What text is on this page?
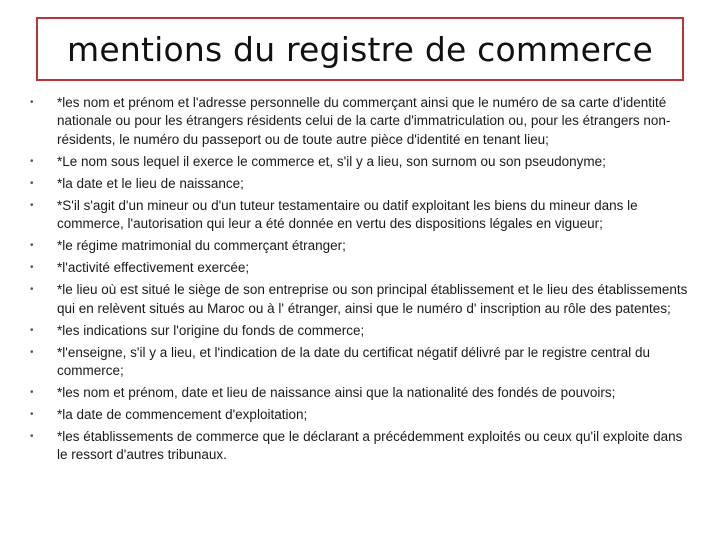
mentions du registre de commerce
• *les nom et prénom et l'adresse personnelle du commerçant ainsi que le numéro de sa carte d'identité nationale ou pour les étrangers résidents celui de la carte d'immatriculation ou, pour les étrangers non-résidents, le numéro du passeport ou de toute autre pièce d'identité en tenant lieu;
• *Le nom sous lequel il exerce le commerce et, s'il y a lieu, son surnom ou son pseudonyme;
• *la date et le lieu de naissance;
• *S'il s'agit d'un mineur ou d'un tuteur testamentaire ou datif exploitant les biens du mineur dans le commerce, l'autorisation qui leur a été donnée en vertu des dispositions légales en vigueur;
• *le régime matrimonial du commerçant étranger;
• *l'activité effectivement exercée;
• *le lieu où est situé le siège de son entreprise ou son principal établissement et le lieu des établissements qui en relèvent situés au Maroc ou à l' étranger, ainsi que le numéro d' inscription au rôle des patentes;
• *les indications sur l'origine du fonds de commerce;
• *l'enseigne, s'il y a lieu, et l'indication de la date du certificat négatif délivré par le registre central du commerce;
• *les nom et prénom, date et lieu de naissance ainsi que la nationalité des fondés de pouvoirs;
• *la date de commencement d'exploitation;
• *les établissements de commerce que le déclarant a précédemment exploités ou ceux qu'il exploite dans le ressort d'autres tribunaux.
